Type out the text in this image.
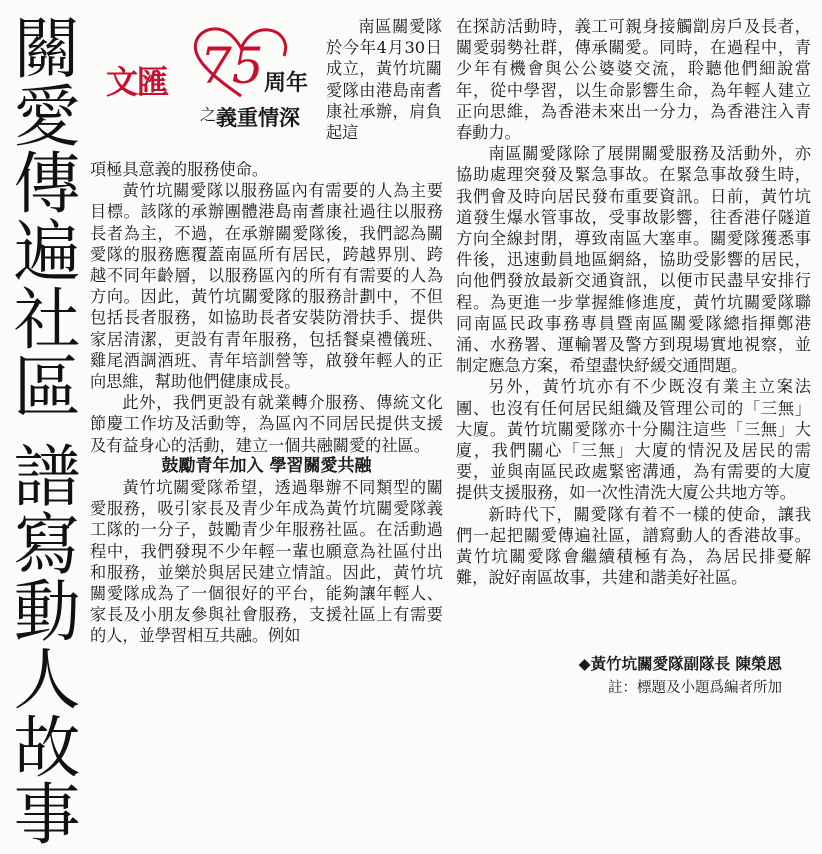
關
愛
傳
遍
社
區
譜
寫
動
人
故
事
文匯 75 周年
之 義重情深

南區關愛隊於今年4月30日成立，黃竹坑關愛隊由港島南耆康社承辦，肩負起這

項極具意義的服務使命。

黃竹坑關愛隊以服務區內有需要的人為主要目標。該隊的承辦團體港島南耆康社過往以服務長者為主，不過，在承辦關愛隊後，我們認為關愛隊的服務應覆蓋南區所有居民，跨越界別、跨越不同年齡層，以服務區內的所有有需要的人為方向。因此，黃竹坑關愛隊的服務計劃中，不但包括長者服務，如協助長者安裝防滑扶手、提供家居清潔，更設有青年服務，包括餐桌禮儀班、雞尾酒調酒班、青年培訓營等，啟發年輕人的正向思維，幫助他們健康成長。

此外，我們更設有就業轉介服務、傳統文化節慶工作坊及活動等，為區內不同居民提供支援及有益身心的活動，建立一個共融關愛的社區。

鼓勵青年加入 學習關愛共融

黃竹坑關愛隊希望，透過舉辦不同類型的關愛服務，吸引家長及青少年成為黃竹坑關愛隊義工隊的一分子，鼓勵青少年服務社區。在活動過程中，我們發現不少年輕一輩也願意為社區付出和服務，並樂於與居民建立情誼。因此，黃竹坑關愛隊成為了一個很好的平台，能夠讓年輕人、家長及小朋友參與社會服務，支援社區上有需要的人，並學習相互共融。例如

在探訪活動時，義工可親身接觸劏房戶及長者，關愛弱勢社群，傳承關愛。同時，在過程中，青少年有機會與公公婆婆交流，聆聽他們細說當年，從中學習，以生命影響生命，為年輕人建立正向思維，為香港未來出一分力，為香港注入青春動力。

南區關愛隊除了展開關愛服務及活動外，亦協助處理突發及緊急事故。在緊急事故發生時，我們會及時向居民發布重要資訊。日前，黃竹坑道發生爆水管事故，受事故影響，往香港仔隧道方向全線封閉，導致南區大塞車。關愛隊獲悉事件後，迅速動員地區網絡，協助受影響的居民，向他們發放最新交通資訊，以便市民盡早安排行程。為更進一步掌握維修進度，黃竹坑關愛隊聯同南區民政事務專員暨南區關愛隊總指揮鄭港涌、水務署、運輸署及警方到現場實地視察，並制定應急方案，希望盡快紓緩交通問題。

另外，黃竹坑亦有不少既沒有業主立案法團、也沒有任何居民組織及管理公司的「三無」大廈。黃竹坑關愛隊亦十分關注這些「三無」大廈，我們關心「三無」大廈的情況及居民的需要，並與南區民政處緊密溝通，為有需要的大廈提供支援服務，如一次性清洗大廈公共地方等。

新時代下，關愛隊有着不一樣的使命，讓我們一起把關愛傳遍社區，譜寫動人的香港故事。黃竹坑關愛隊會繼續積極有為，為居民排憂解難，說好南區故事，共建和諧美好社區。

◆黃竹坑關愛隊副隊長 陳榮恩
註：標題及小題爲編者所加
